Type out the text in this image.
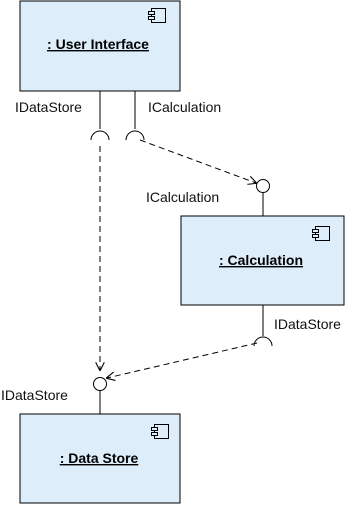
: User Interface
IDataStore	ICalculation
ICalculation
: Calculation
IDataStore
IDataStore
: Data Store
